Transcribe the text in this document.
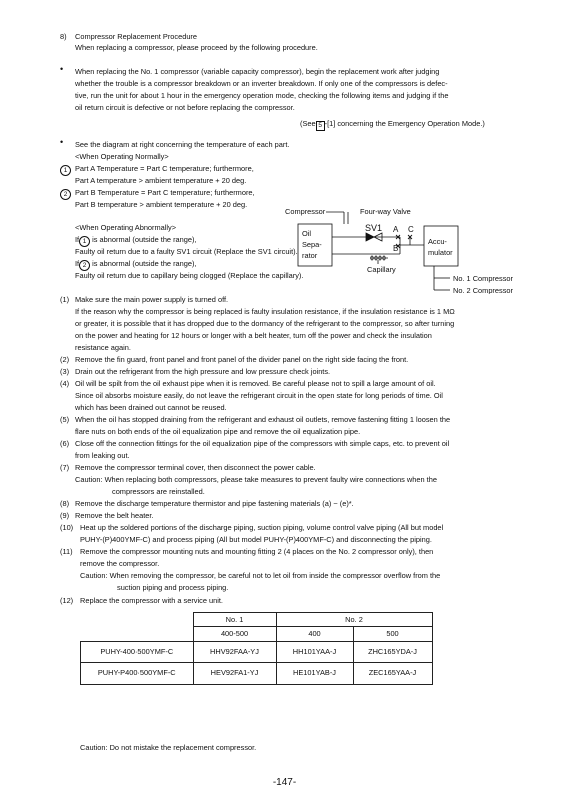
8) Compressor Replacement Procedure
When replacing a compressor, please proceed by the following procedure.
• When replacing the No. 1 compressor (variable capacity compressor), begin the replacement work after judging
whether the trouble is a compressor breakdown or an inverter breakdown. If only one of the compressors is defec-
tive, run the unit for about 1 hour in the emergency operation mode, checking the following items and judging if the
oil return circuit is defective or not before replacing the compressor.
(See 5 -[1] concerning the Emergency Operation Mode.)
• See the diagram at right concerning the temperature of each part.
<When Operating Normally>
1	Part A Temperature = Part C temperature; furthermore,
Part A temperature > ambient temperature + 20 deg.
2	Part B Temperature = Part C temperature; furthermore,
Part B temperature > ambient temperature + 20 deg.
<When Operating Abnormally>
If 1 is abnormal (outside the range),
Faulty oil return due to a faulty SV1 circuit (Replace the SV1 circuit).
If 2 is abnormal (outside the range),
Faulty oil return due to capillary being clogged (Replace the capillary).
Compressor	Four-way Valve
SV1 A
B
C
Oil
Sepa-
rator
Accu-
mulator
Capillary
No. 1 Compressor
No. 2 Compressor
(1) Make sure the main power supply is turned off.
If the reason why the compressor is being replaced is faulty insulation resistance, if the insulation resistance is 1 MΩ
or greater, it is possible that it has dropped due to the dormancy of the refrigerant to the compressor, so after turning
on the power and heating for 12 hours or longer with a belt heater, turn off the power and check the insulation
resistance again.
(2) Remove the fin guard, front panel and front panel of the divider panel on the right side facing the front.
(3) Drain out the refrigerant from the high pressure and low pressure check joints.
(4) Oil will be spilt from the oil exhaust pipe when it is removed. Be careful please not to spill a large amount of oil.
Since oil absorbs moisture easily, do not leave the refrigerant circuit in the open state for long periods of time. Oil
which has been drained out cannot be reused.
(5) When the oil has stopped draining from the refrigerant and exhaust oil outlets, remove fastening fitting 1 loosen the
flare nuts on both ends of the oil equalization pipe and remove the oil equalization pipe.
(6) Close off the connection fittings for the oil equalization pipe of the compressors with simple caps, etc. to prevent oil
from leaking out.
(7) Remove the compressor terminal cover, then disconnect the power cable.
Caution: When replacing both compressors, please take measures to prevent faulty wire connections when the
compressors are reinstalled.
(8) Remove the discharge temperature thermistor and pipe fastening materials (a) ~ (e)*.
(9) Remove the belt heater.
(10) Heat up the soldered portions of the discharge piping, suction piping, volume control valve piping (All but model
PUHY-(P)400YMF-C) and process piping (All but model PUHY-(P)400YMF-C) and disconnecting the piping.
(11) Remove the compressor mounting nuts and mounting fitting 2 (4 places on the No. 2 compressor only), then
remove the compressor.
Caution: When removing the compressor, be careful not to let oil from inside the compressor overflow from the
suction piping and process piping.
(12) Replace the compressor with a service unit.
	No. 1	No. 2	
	400-500	400	500
PUHY-400·500YMF-C	HHV92FAA-YJ	HH101YAA-J	ZHC165YDA-J
PUHY-P400·500YMF-C	HEV92FA1-YJ	HE101YAB-J	ZEC165YAA-J
Caution: Do not mistake the replacement compressor.
-147-
